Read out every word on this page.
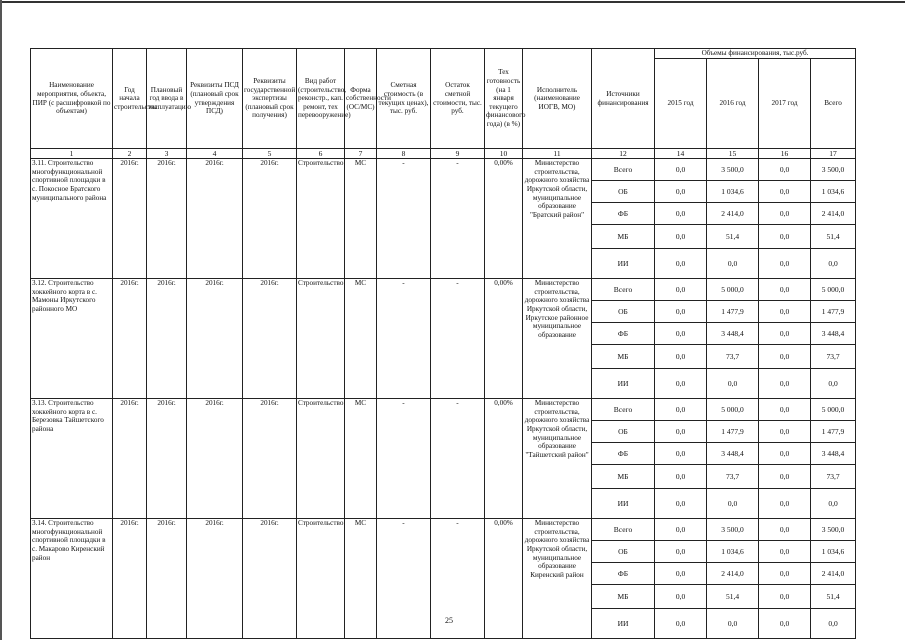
Наименование мероприятия, объекта, ПИР (с расшифровкой по объектам)	Год начала строительства	Плановый год ввода в эксплуатацию	Реквизиты ПСД (плановый срок утверждения ПСД)	Реквизиты государственной экспертизы (плановый срок получения)	Вид работ (строительство, реконстр., кап. ремонт, тех перевооружение)	Форма собственности (ОС/МС)	Сметная стоимость (в текущих ценах), тыс. руб.	Остаток сметной стоимости, тыс. руб.	Тех готовность (на 1 января текущего финансового года) (в %)	Исполнитель (наименование ИОГВ, МО)	Источники финансирования	Объемы финансирования, тыс.руб.			
												2015 год	2016 год	2017 год	Всего
1	2	3	4	5	6	7	8	9	10	11	12	14	15	16	17
3.11. Строительство многофункциональной спортивной площадки в с. Покосное Братского муниципального района	2016г.	2016г.	2016г.	2016г.	Строительство	МС	-	-	0,00%	Министерство строительства, дорожного хозяйства Иркутской области, муниципальное образование "Братский район"	Всего	0,0	3 500,0	0,0	3 500,0
											ОБ	0,0	1 034,6	0,0	1 034,6
											ФБ	0,0	2 414,0	0,0	2 414,0
											МБ	0,0	51,4	0,0	51,4
											ИИ	0,0	0,0	0,0	0,0
3.12. Строительство хоккейного корта в с. Мамоны Иркутского районного МО	2016г.	2016г.	2016г.	2016г.	Строительство	МС	-	-	0,00%	Министерство строительства, дорожного хозяйства Иркутской области, Иркутское районное муниципальное образование	Всего	0,0	5 000,0	0,0	5 000,0
											ОБ	0,0	1 477,9	0,0	1 477,9
											ФБ	0,0	3 448,4	0,0	3 448,4
											МБ	0,0	73,7	0,0	73,7
											ИИ	0,0	0,0	0,0	0,0
3.13. Строительство хоккейного корта в с. Березовка Тайшетского района	2016г.	2016г.	2016г.	2016г.	Строительство	МС	-	-	0,00%	Министерство строительства, дорожного хозяйства Иркутской области, муниципальное образование "Тайшетский район"	Всего	0,0	5 000,0	0,0	5 000,0
											ОБ	0,0	1 477,9	0,0	1 477,9
											ФБ	0,0	3 448,4	0,0	3 448,4
											МБ	0,0	73,7	0,0	73,7
											ИИ	0,0	0,0	0,0	0,0
3.14. Строительство многофункциональной спортивной площадки в с. Макарово Киренский район	2016г.	2016г.	2016г.	2016г.	Строительство	МС	-	-	0,00%	Министерство строительства, дорожного хозяйства Иркутской области, муниципальное образование Киренский район	Всего	0,0	3 500,0	0,0	3 500,0
											ОБ	0,0	1 034,6	0,0	1 034,6
											ФБ	0,0	2 414,0	0,0	2 414,0
											МБ	0,0	51,4	0,0	51,4
											ИИ	0,0	0,0	0,0	0,0
25
